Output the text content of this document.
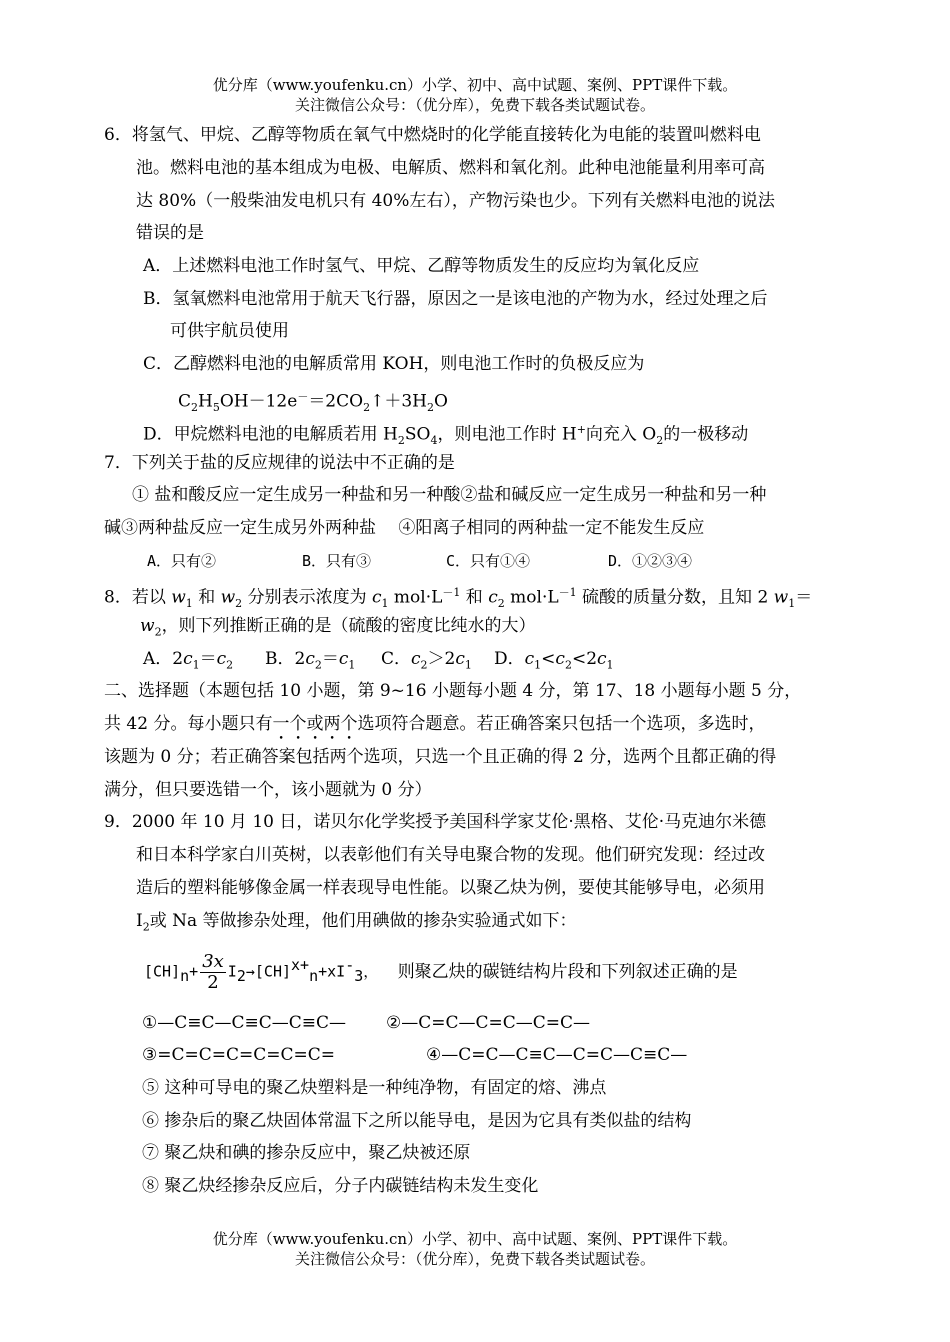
优分库（www.youfenku.cn）小学、初中、高中试题、案例、PPT课件下载。
关注微信公众号：（优分库），免费下载各类试题试卷。
6．将氢气、甲烷、乙醇等物质在氧气中燃烧时的化学能直接转化为电能的装置叫燃料电
池。燃料电池的基本组成为电极、电解质、燃料和氧化剂。此种电池能量利用率可高
达 80%（一般柴油发电机只有 40%左右），产物污染也少。下列有关燃料电池的说法
错误的是
A．上述燃料电池工作时氢气、甲烷、乙醇等物质发生的反应均为氧化反应
B．氢氧燃料电池常用于航天飞行器，原因之一是该电池的产物为水，经过处理之后
可供宇航员使用
C．乙醇燃料电池的电解质常用 KOH，则电池工作时的负极反应为
$C_2H_5OH-12e^-=2CO_2↑+3H_2O$
D．甲烷燃料电池的电解质若用 $H_2SO_4$，则电池工作时 H+向充入 $O_2$的一极移动
7．下列关于盐的反应规律的说法中不正确的是
① 盐和酸反应一定生成另一种盐和另一种酸②盐和碱反应一定生成另一种盐和另一种
碱③两种盐反应一定生成另外两种盐　 ④阳离子相同的两种盐一定不能发生反应
A．只有②	B．只有③	C．只有①④	D．①②③④
8．若以 $w_1$ 和 $w_2$ 分别表示浓度为 $c_1$ $mol\cdot L^{-1}$ 和 $c_2$ $mol\cdot L^{-1}$ 硫酸的质量分数，且知 2 $w_1=$
$w_2$，则下列推断正确的是（硫酸的密度比纯水的大）
A．$2c_1=c_2$ B．$2c_2=c_1$ C．$c_2>2c_1$ D．$c_1<c_2<2c_1$
二、选择题（本题包括 10 小题，第 9~16 小题每小题 4 分，第 17、18 小题每小题 5 分，
共 42 分。每小题只有一个或两个选项符合题意。若正确答案只包括一个选项，多选时，
该题为 0 分；若正确答案包括两个选项，只选一个且正确的得 2 分，选两个且都正确的得
满分，但只要选错一个，该小题就为 0 分）
9．2000 年 10 月 10 日，诺贝尔化学奖授予美国科学家艾伦·黑格、艾伦·马克迪尔米德
和日本科学家白川英树，以表彰他们有关导电聚合物的发现。他们研究发现：经过改
造后的塑料能够像金属一样表现导电性能。以聚乙炔为例，要使其能够导电，必须用
$I_2$或 Na 等做掺杂处理，他们用碘做的掺杂实验通式如下：
$[CH]_n+ \frac{3x}{2} I_2\to[CH]^{x+}_n+xI^-_3$， 则聚乙炔的碳链结构片段和下列叙述正确的是
①—C≡C—C≡C—C≡C— ②—C=C—C=C—C=C—
③=C=C=C=C=C=C=	④—C=C—C≡C—C=C—C≡C—
⑤ 这种可导电的聚乙炔塑料是一种纯净物，有固定的熔、沸点
⑥ 掺杂后的聚乙炔固体常温下之所以能导电，是因为它具有类似盐的结构
⑦ 聚乙炔和碘的掺杂反应中，聚乙炔被还原
⑧ 聚乙炔经掺杂反应后，分子内碳链结构未发生变化
优分库（www.youfenku.cn）小学、初中、高中试题、案例、PPT课件下载。
关注微信公众号：（优分库），免费下载各类试题试卷。
